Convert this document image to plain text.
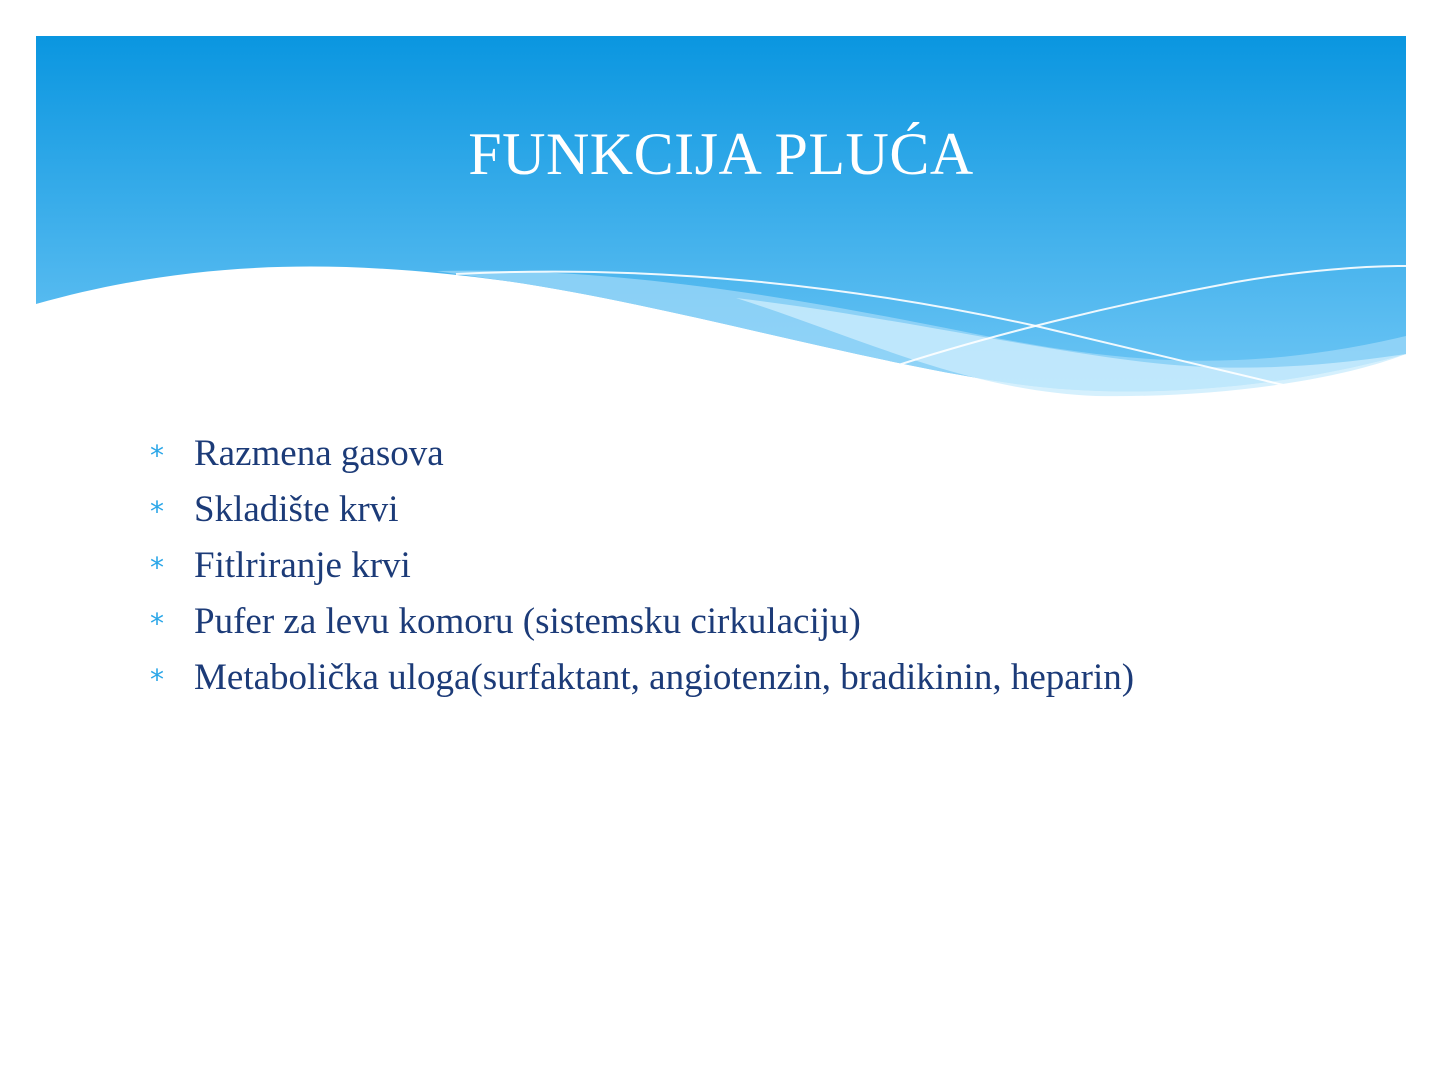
FUNKCIJA PLUĆA
* Razmena gasova
* Skladište krvi
* Fitlriranje krvi
* Pufer za levu komoru (sistemsku cirkulaciju)
* Metabolička uloga(surfaktant, angiotenzin, bradikinin, heparin)
